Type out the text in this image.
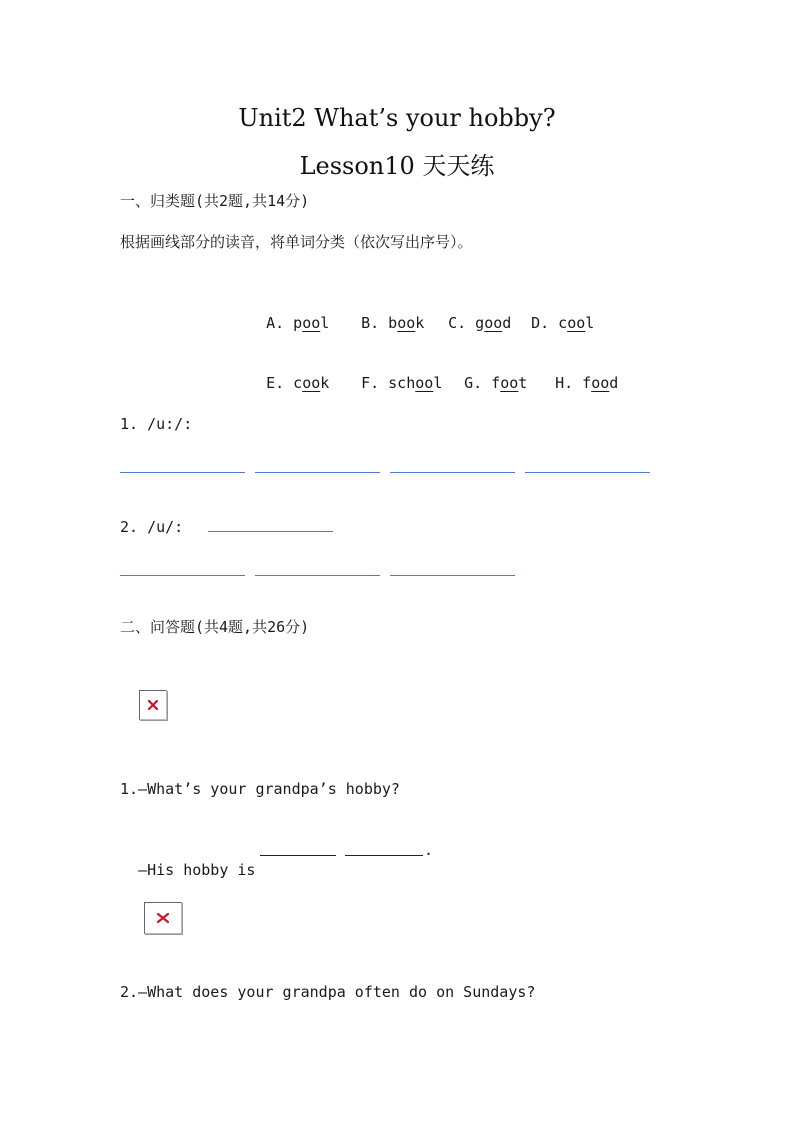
Unit2 What’s your hobby?
Lesson10 天天练
一、归类题(共2题,共14分)
根据画线部分的读音，将单词分类（依次写出序号）。

A. pool	B. book	C. good	D. cool

E. cook	F. school	G. foot	H. food

1. /u:/:
2. /u/:
二、问答题(共4题,共26分)
1.—What’s your grandpa’s hobby?

—His hobby is

.
2.—What does your grandpa often do on Sundays?
